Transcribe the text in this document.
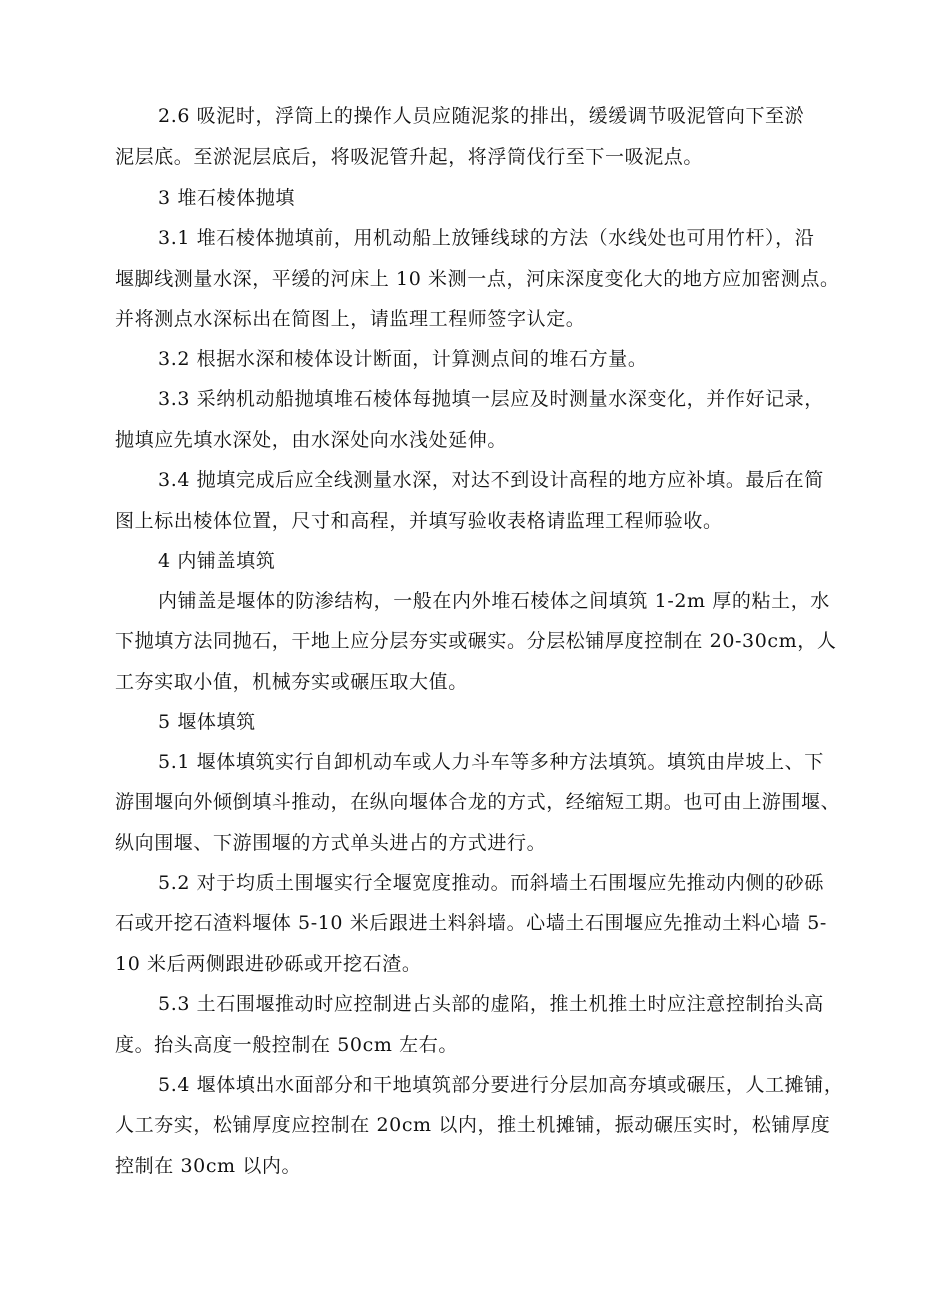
2.6 吸泥时，浮筒上的操作人员应随泥浆的排出，缓缓调节吸泥管向下至淤
泥层底。至淤泥层底后，将吸泥管升起，将浮筒伐行至下一吸泥点。
3 堆石棱体抛填
3.1 堆石棱体抛填前，用机动船上放锤线球的方法（水线处也可用竹杆），沿
堰脚线测量水深，平缓的河床上 10 米测一点，河床深度变化大的地方应加密测点。
并将测点水深标出在简图上，请监理工程师签字认定。
3.2 根据水深和棱体设计断面，计算测点间的堆石方量。
3.3 采纳机动船抛填堆石棱体每抛填一层应及时测量水深变化，并作好记录，
抛填应先填水深处，由水深处向水浅处延伸。
3.4 抛填完成后应全线测量水深，对达不到设计高程的地方应补填。最后在简
图上标出棱体位置，尺寸和高程，并填写验收表格请监理工程师验收。
4 内铺盖填筑
内铺盖是堰体的防渗结构，一般在内外堆石棱体之间填筑 1-2m 厚的粘土，水
下抛填方法同抛石，干地上应分层夯实或碾实。分层松铺厚度控制在 20-30cm，人
工夯实取小值，机械夯实或碾压取大值。
5 堰体填筑
5.1 堰体填筑实行自卸机动车或人力斗车等多种方法填筑。填筑由岸坡上、下
游围堰向外倾倒填斗推动，在纵向堰体合龙的方式，经缩短工期。也可由上游围堰、
纵向围堰、下游围堰的方式单头进占的方式进行。
5.2 对于均质土围堰实行全堰宽度推动。而斜墙土石围堰应先推动内侧的砂砾
石或开挖石渣料堰体 5-10 米后跟进土料斜墙。心墙土石围堰应先推动土料心墙 5-
10 米后两侧跟进砂砾或开挖石渣。
5.3 土石围堰推动时应控制进占头部的虚陷，推土机推土时应注意控制抬头高
度。抬头高度一般控制在 50cm 左右。
5.4 堰体填出水面部分和干地填筑部分要进行分层加高夯填或碾压，人工摊铺，
人工夯实，松铺厚度应控制在 20cm 以内，推土机摊铺，振动碾压实时，松铺厚度
控制在 30cm 以内。
